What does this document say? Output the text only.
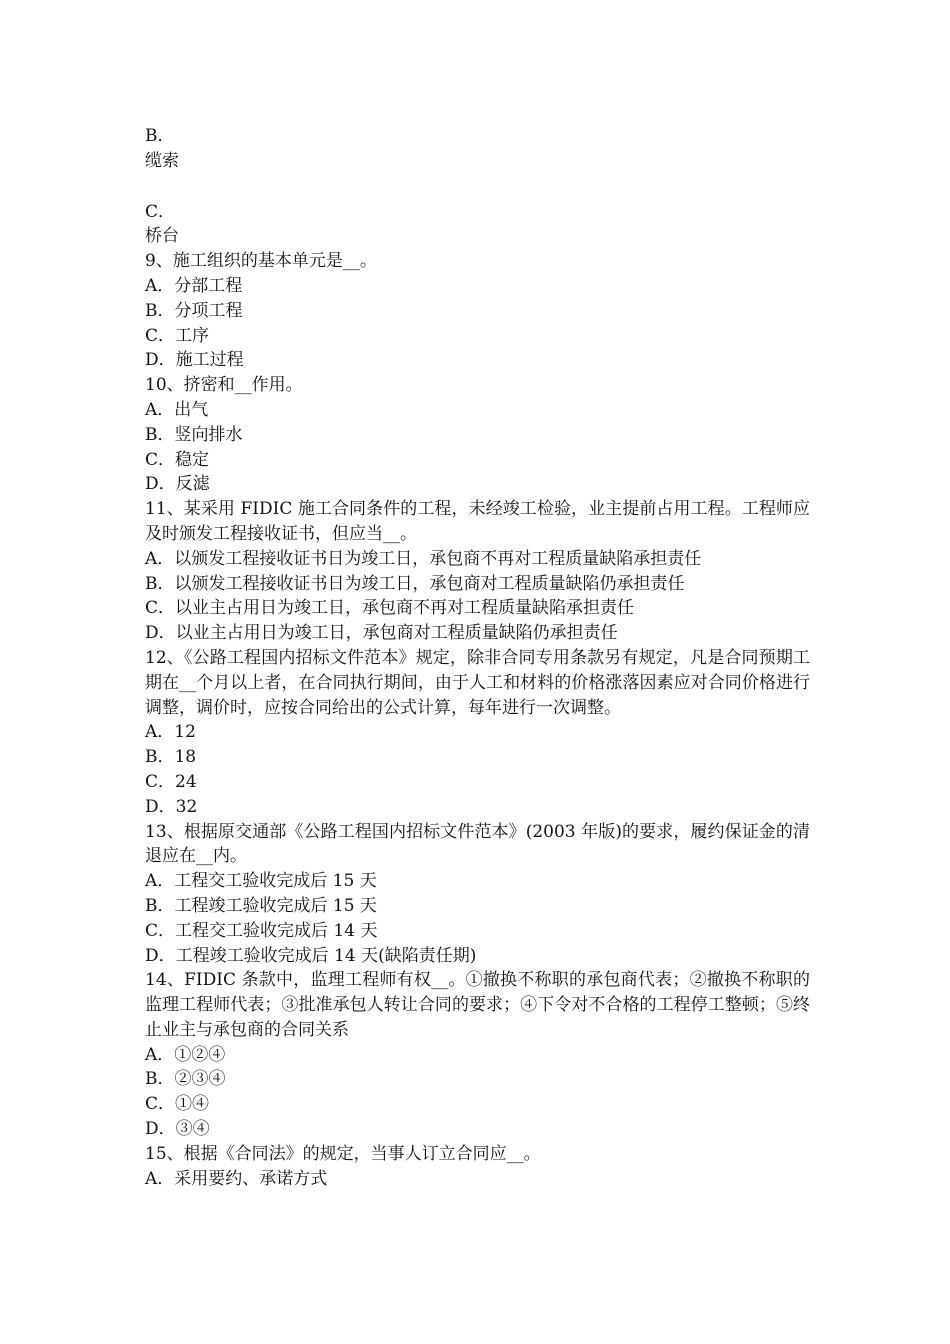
B．
缆索
C．
桥台
9、施工组织的基本单元是__。
A．分部工程
B．分项工程
C．工序
D．施工过程
10、挤密和__作用。
A．出气
B．竖向排水
C．稳定
D．反滤
11、某采用 FIDIC 施工合同条件的工程，未经竣工检验，业主提前占用工程。工程师应及时颁发工程接收证书，但应当__。
A．以颁发工程接收证书日为竣工日，承包商不再对工程质量缺陷承担责任
B．以颁发工程接收证书日为竣工日，承包商对工程质量缺陷仍承担责任
C．以业主占用日为竣工日，承包商不再对工程质量缺陷承担责任
D．以业主占用日为竣工日，承包商对工程质量缺陷仍承担责任
12、《公路工程国内招标文件范本》规定，除非合同专用条款另有规定，凡是合同预期工期在__个月以上者，在合同执行期间，由于人工和材料的价格涨落因素应对合同价格进行调整，调价时，应按合同给出的公式计算，每年进行一次调整。
A．12
B．18
C．24
D．32
13、根据原交通部《公路工程国内招标文件范本》(2003 年版)的要求，履约保证金的清退应在__内。
A．工程交工验收完成后 15 天
B．工程竣工验收完成后 15 天
C．工程交工验收完成后 14 天
D．工程竣工验收完成后 14 天(缺陷责任期)
14、FIDIC 条款中，监理工程师有权__。①撤换不称职的承包商代表；②撤换不称职的监理工程师代表；③批准承包人转让合同的要求；④下令对不合格的工程停工整顿；⑤终止业主与承包商的合同关系
A．①②④
B．②③④
C．①④
D．③④
15、根据《合同法》的规定，当事人订立合同应__。
A．采用要约、承诺方式
